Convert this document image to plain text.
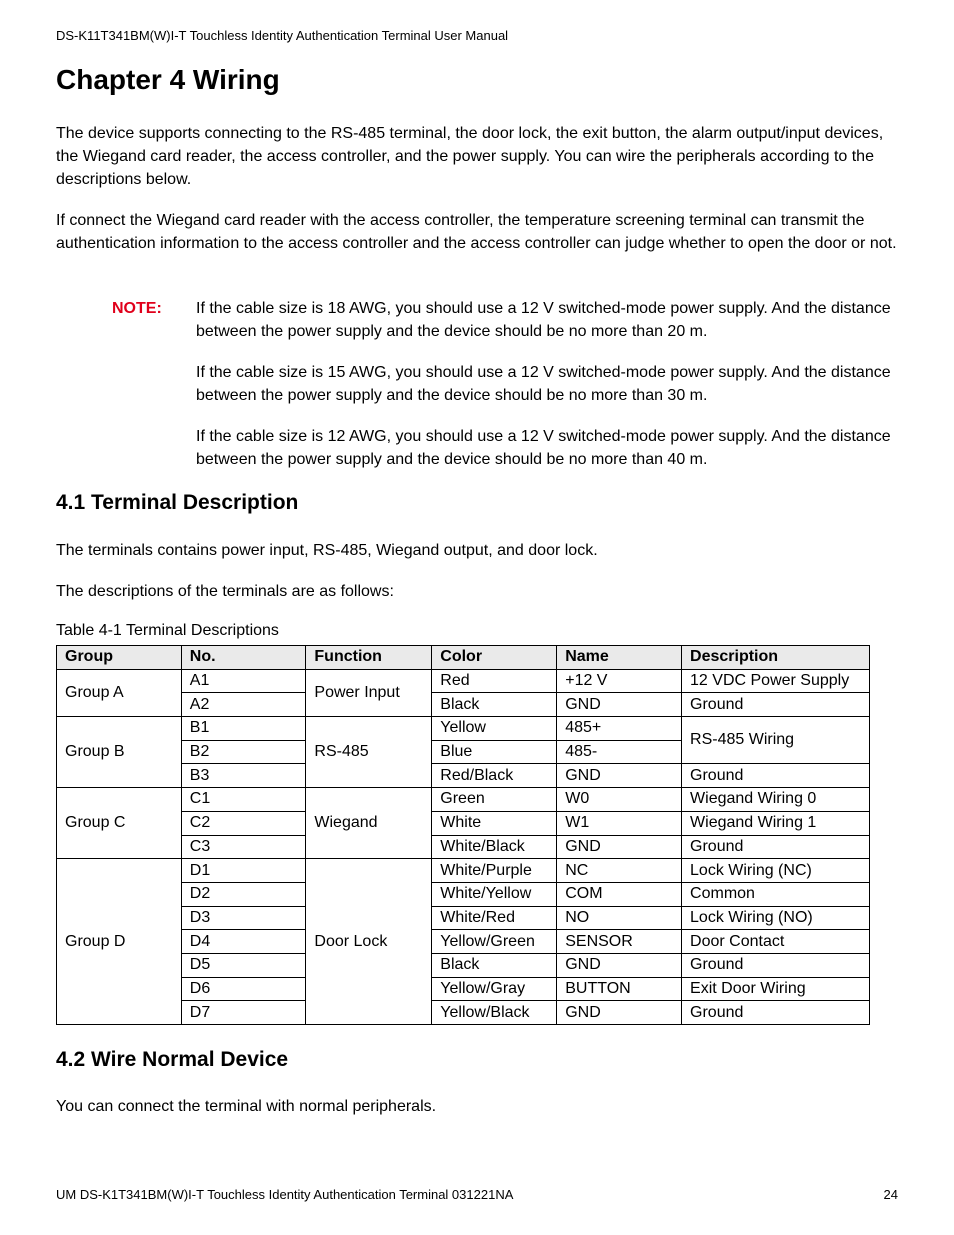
DS-K11T341BM(W)I-T Touchless Identity Authentication Terminal User Manual
Chapter 4 Wiring

The device supports connecting to the RS-485 terminal, the door lock, the exit button, the alarm output/input devices, the Wiegand card reader, the access controller, and the power supply. You can wire the peripherals according to the descriptions below.

If connect the Wiegand card reader with the access controller, the temperature screening terminal can transmit the authentication information to the access controller and the access controller can judge whether to open the door or not.

NOTE: If the cable size is 18 AWG, you should use a 12 V switched-mode power supply. And the distance between the power supply and the device should be no more than 20 m.

If the cable size is 15 AWG, you should use a 12 V switched-mode power supply. And the distance between the power supply and the device should be no more than 30 m.

If the cable size is 12 AWG, you should use a 12 V switched-mode power supply. And the distance between the power supply and the device should be no more than 40 m.

4.1 Terminal Description

The terminals contains power input, RS-485, Wiegand output, and door lock.

The descriptions of the terminals are as follows:

Table 4-1 Terminal Descriptions
Group	No.	Function	Color	Name	Description
Group A	A1	Power Input	Red	+12 V	12 VDC Power Supply
	A2		Black	GND	Ground
Group B	B1	RS-485	Yellow	485+	RS-485 Wiring
	B2		Blue	485-	
	B3		Red/Black	GND	Ground
Group C	C1	Wiegand	Green	W0	Wiegand Wiring 0
	C2		White	W1	Wiegand Wiring 1
	C3		White/Black	GND	Ground
Group D	D1	Door Lock	White/Purple	NC	Lock Wiring (NC)
	D2		White/Yellow	COM	Common
	D3		White/Red	NO	Lock Wiring (NO)
	D4		Yellow/Green	SENSOR	Door Contact
	D5		Black	GND	Ground
	D6		Yellow/Gray	BUTTON	Exit Door Wiring
	D7		Yellow/Black	GND	Ground
4.2 Wire Normal Device

You can connect the terminal with normal peripherals.

UM DS-K1T341BM(W)I-T Touchless Identity Authentication Terminal 031221NA	24
